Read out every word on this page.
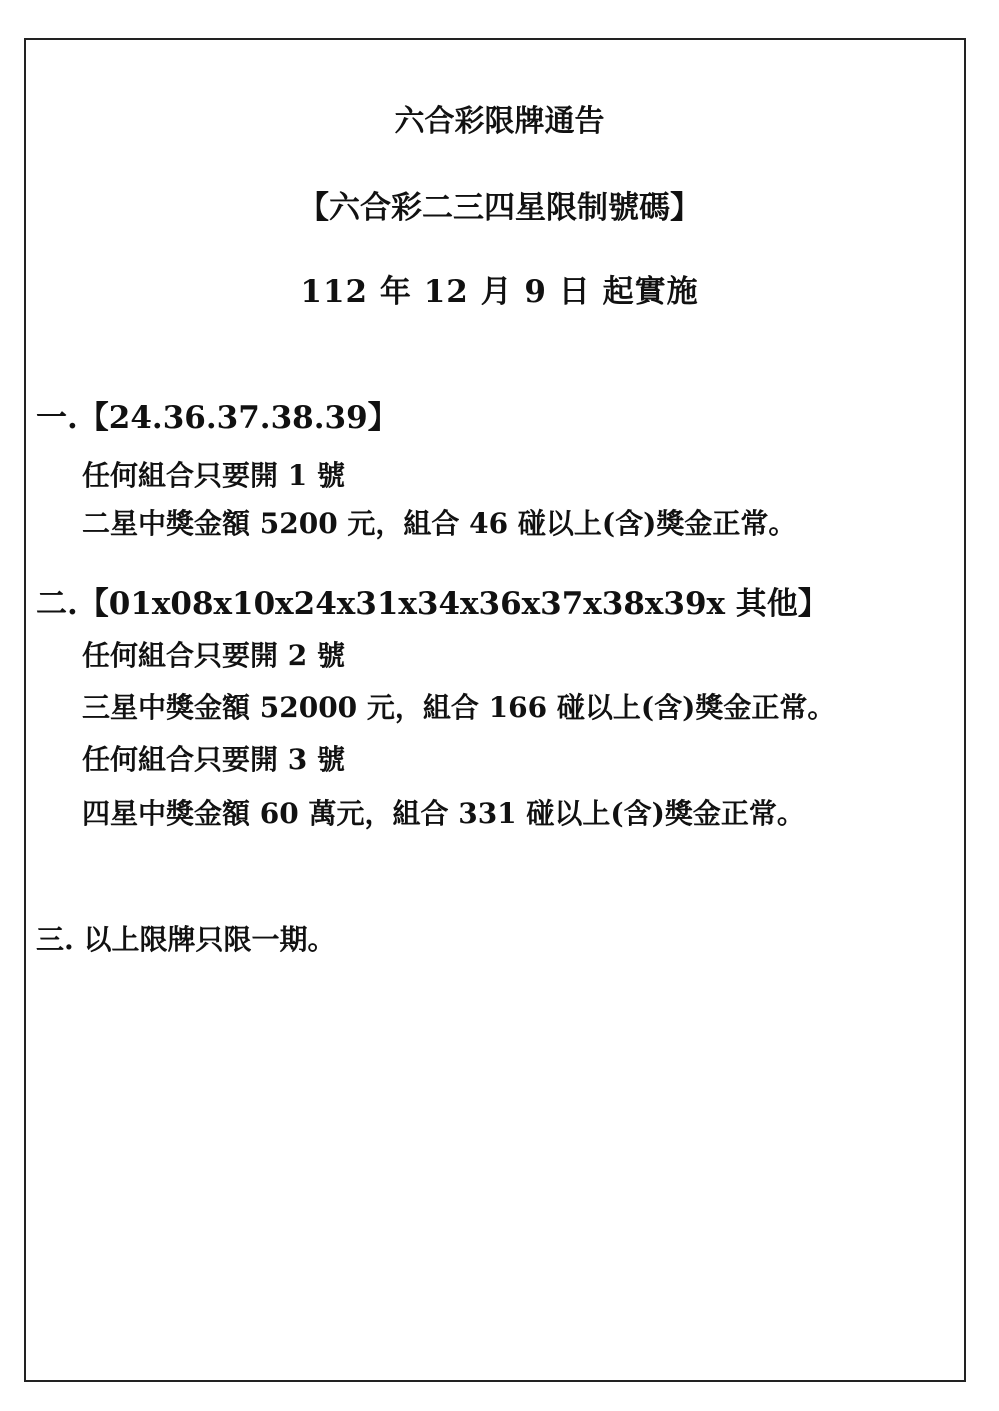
六合彩限牌通告
【六合彩二三四星限制號碼】
112 年 12 月 9 日 起實施
一.【24.36.37.38.39】
任何組合只要開 1 號
二星中獎金額 5200 元，組合 46 碰以上(含)獎金正常。
二.【01x08x10x24x31x34x36x37x38x39x 其他】
任何組合只要開 2 號
三星中獎金額 52000 元，組合 166 碰以上(含)獎金正常。
任何組合只要開 3 號
四星中獎金額 60 萬元，組合 331 碰以上(含)獎金正常。
三. 以上限牌只限一期。
